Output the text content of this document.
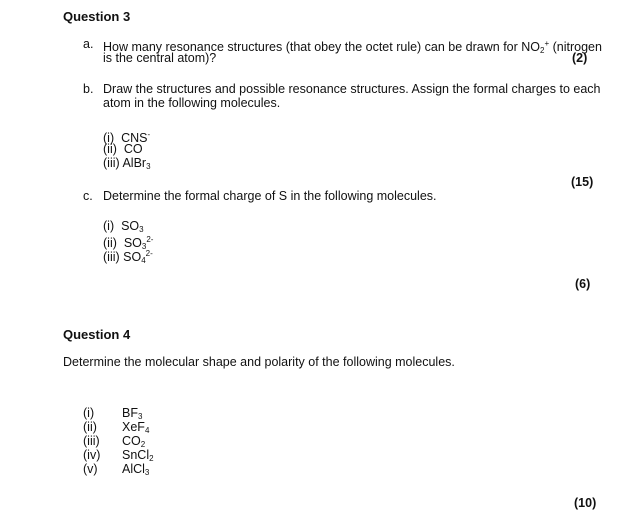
Question 3
a. How many resonance structures (that obey the octet rule) can be drawn for $NO_2^+$ (nitrogen
is the central atom)?	(2)
b. Draw the structures and possible resonance structures. Assign the formal charges to each
atom in the following molecules.
(i) CNS-
(ii) CO
(iii) AlBr$_3$
(15)
c. Determine the formal charge of S in the following molecules.
(i) $SO_3$
(ii) $SO_3^{2-}$
(iii) $SO_4^{2-}$
(6)
Question 4
Determine the molecular shape and polarity of the following molecules.
(i) $BF_3$
(ii) XeF$_4$
(iii) $CO_2$
(iv) SnCl$_2$
(v) AlCl$_3$
(10)
